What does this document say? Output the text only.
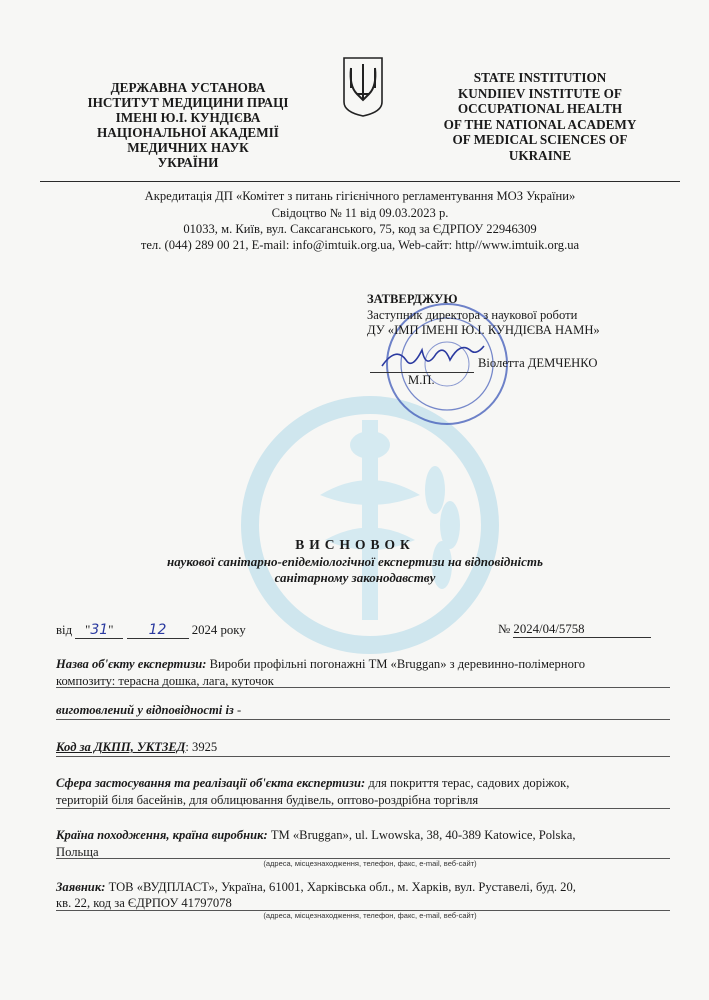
ДЕРЖАВНА УСТАНОВА
ІНСТИТУТ МЕДИЦИНИ ПРАЦІ
ІМЕНІ Ю.І. КУНДІЄВА
НАЦІОНАЛЬНОЇ АКАДЕМІЇ
МЕДИЧНИХ НАУК
УКРАЇНИ
STATE INSTITUTION
KUNDIIEV INSTITUTE OF
OCCUPATIONAL HEALTH
OF THE NATIONAL ACADEMY
OF MEDICAL SCIENCES OF
UKRAINE
Акредитація ДП «Комітет з питань гігієнічного регламентування МОЗ України»
Свідоцтво № 11 від 09.03.2023 р.
01033, м. Київ, вул. Саксаганського, 75, код за ЄДРПОУ 22946309
тел. (044) 289 00 21, E-mail: info@imtuik.org.ua, Web-сайт: http//www.imtuik.org.ua
ЗАТВЕРДЖУЮ
Заступник директора з наукової роботи
ДУ «ІМП ІМЕНІ Ю.І. КУНДІЄВА НАМН»
Віолетта ДЕМЧЕНКО
М.П.
ВИСНОВОК
наукової санітарно-епідеміологічної експертизи на відповідність
санітарному законодавству
від "31"	12 2024 року	№ 2024/04/5758
Назва об'єкту експертизи: Вироби профільні погонажні ТМ «Bruggan» з деревинно-полімерного
композиту: терасна дошка, лага, куточок
виготовлений у відповідності із -
Код за ДКПП, УКТЗЕД: 3925
Сфера застосування та реалізації об'єкта експертизи: для покриття терас, садових доріжок,
територій біля басейнів, для облицювання будівель, оптово-роздрібна торгівля
Країна походження, країна виробник: TM «Bruggan», ul. Lwowska, 38, 40-389 Katowice, Polska,
Польща
(адреса, місцезнаходження, телефон, факс, e-mail, веб-сайт)
Заявник: ТОВ «ВУДПЛАСТ», Україна, 61001, Харківська обл., м. Харків, вул. Руставелі, буд. 20,
кв. 22, код за ЄДРПОУ 41797078
(адреса, місцезнаходження, телефон, факс, e-mail, веб-сайт)
